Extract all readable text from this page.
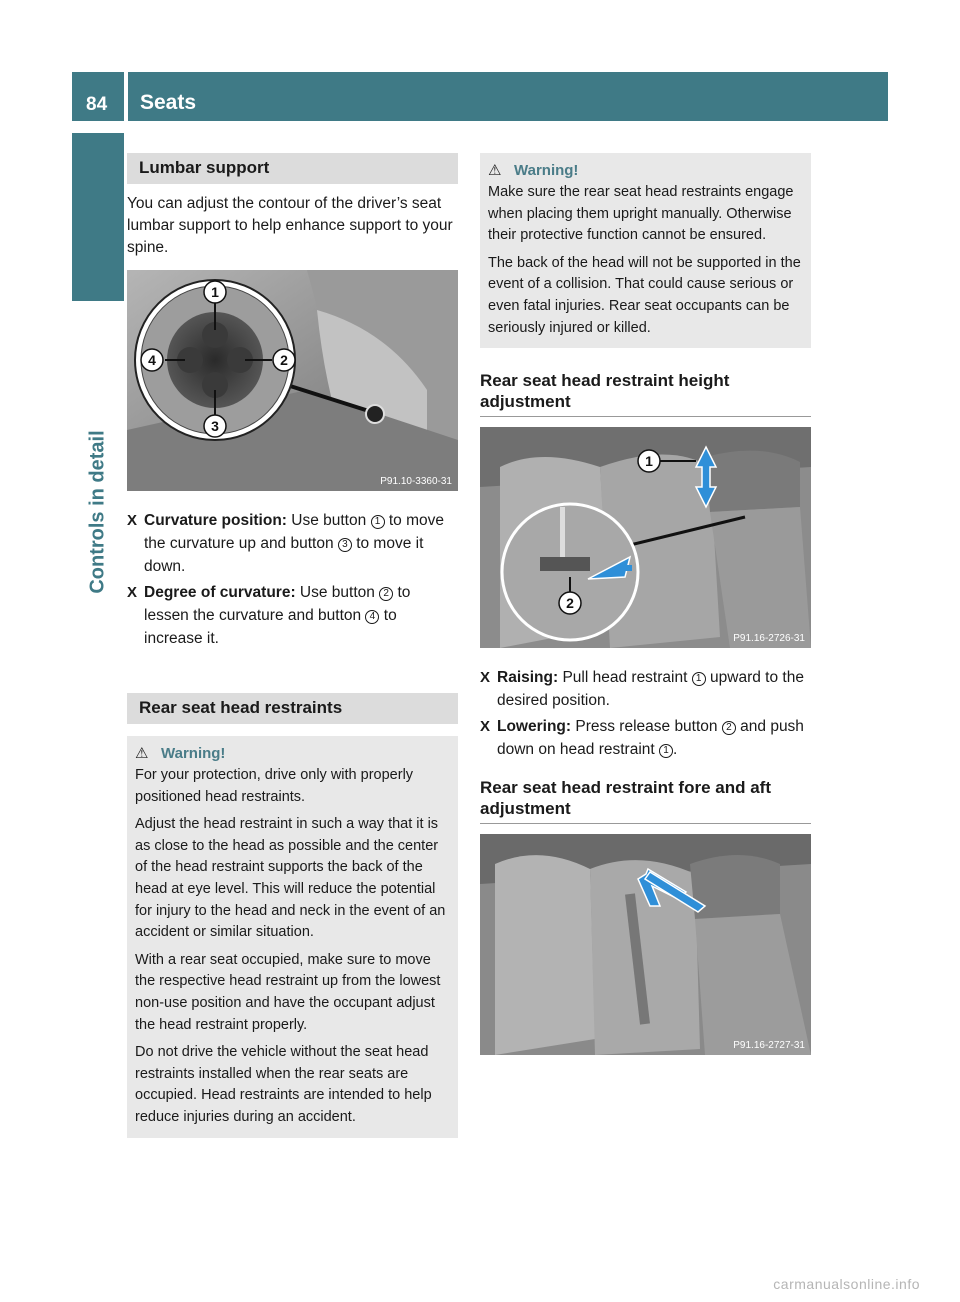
84 Seats
Controls in detail
Lumbar support

You can adjust the contour of the driver’s seat lumbar support to help enhance support to your spine.

1
2
3
4
P91.10-3360-31
X Curvature position: Use button 1 to move the curvature up and button 3 to move it down.
X Degree of curvature: Use button 2 to lessen the curvature and button 4 to increase it.
Rear seat head restraints
⚠ Warning!

For your protection, drive only with properly positioned head restraints.

Adjust the head restraint in such a way that it is as close to the head as possible and the center of the head restraint supports the back of the head at eye level. This will reduce the potential for injury to the head and neck in the event of an accident or similar situation.

With a rear seat occupied, make sure to move the respective head restraint up from the lowest non-use position and have the occupant adjust the head restraint properly.

Do not drive the vehicle without the seat head restraints installed when the rear seats are occupied. Head restraints are intended to help reduce injuries during an accident.

⚠ Warning!

Make sure the rear seat head restraints engage when placing them upright manually. Otherwise their protective function cannot be ensured.

The back of the head will not be supported in the event of a collision. That could cause serious or even fatal injuries. Rear seat occupants can be seriously injured or killed.

Rear seat head restraint height adjustment
1
2
P91.16-2726-31
X Raising: Pull head restraint 1 upward to the desired position.
X Lowering: Press release button 2 and push down on head restraint 1 .
Rear seat head restraint fore and aft adjustment
P91.16-2727-31
carmanualsonline.info
